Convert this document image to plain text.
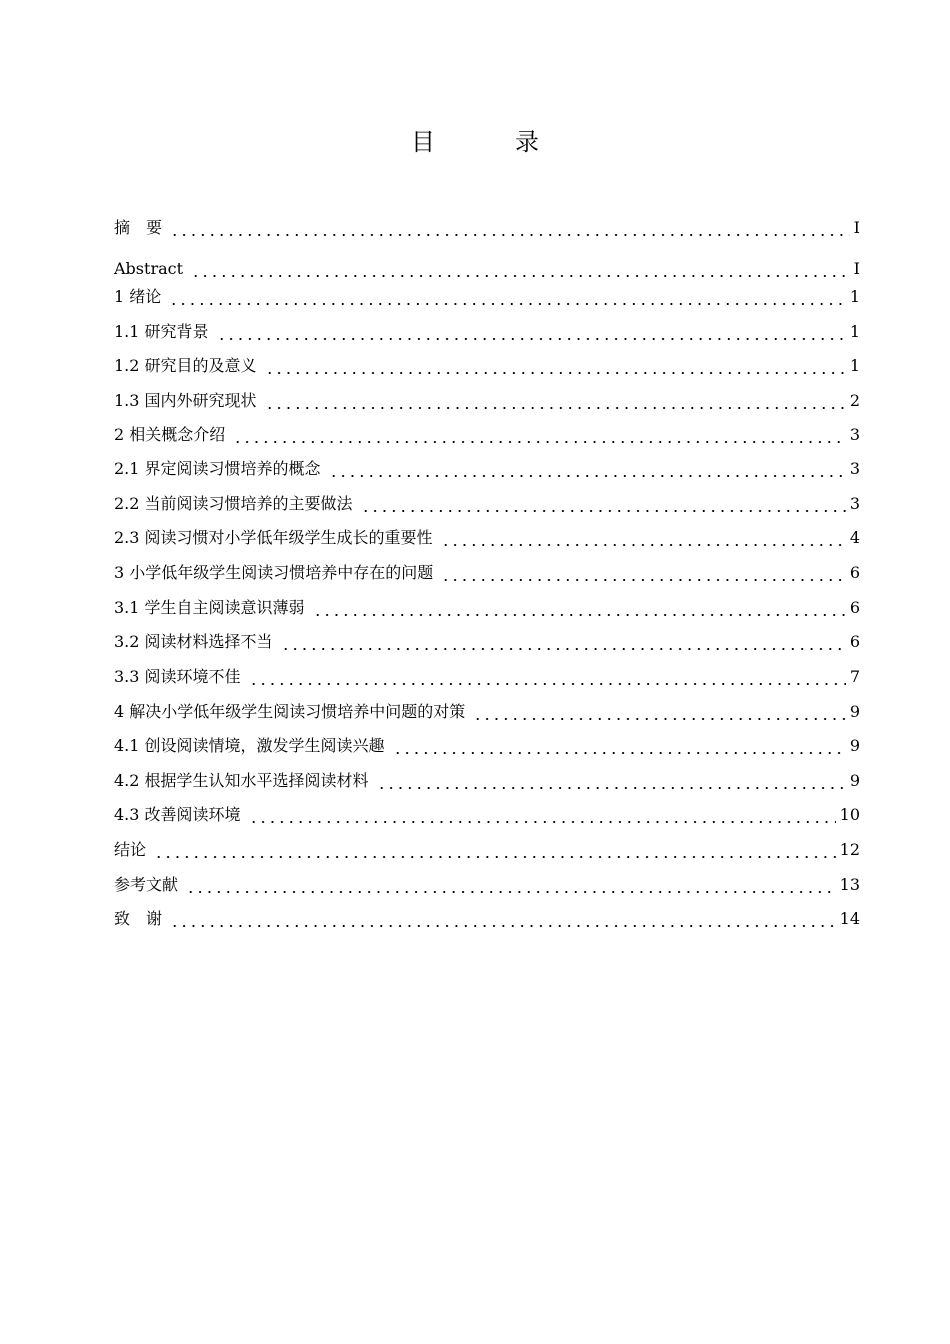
目　录
摘　要	I
Abstract	I
1 绪论	1
1.1 研究背景	1
1.2 研究目的及意义	1
1.3 国内外研究现状	2
2 相关概念介绍	3
2.1 界定阅读习惯培养的概念	3
2.2 当前阅读习惯培养的主要做法	3
2.3 阅读习惯对小学低年级学生成长的重要性	4
3 小学低年级学生阅读习惯培养中存在的问题	6
3.1 学生自主阅读意识薄弱	6
3.2 阅读材料选择不当	6
3.3 阅读环境不佳	7
4 解决小学低年级学生阅读习惯培养中问题的对策	9
4.1 创设阅读情境，激发学生阅读兴趣	9
4.2 根据学生认知水平选择阅读材料	9
4.3 改善阅读环境	10
结论	12
参考文献	13
致　谢	14
